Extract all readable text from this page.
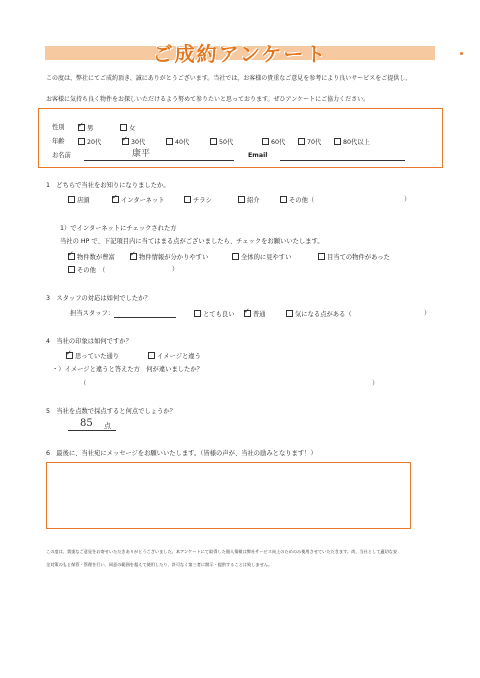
ご成約アンケート
この度は、弊社にてご成約頂き、誠にありがとうございます。当社では、お客様の貴重なご意見を参考により良いサービスをご提供し、
お客様に気持ち良く物件をお探しいただけるよう努めて参りたいと思っております。ぜひアンケートにご協力ください。
性別 ✓	男	女
年齢	20代 ✓	30代	40代	50代	60代	70代	80代以上
お名前	康平	Email
1　どちらで当社をお知りになりましたか。
店頭 ✓	インターネット	チラシ	紹介	その他（	）
1）でインターネットにチェックされた方
当社の HP で、下記項目内に当てはまる点がございましたら、チェックをお願いいたします。
✓物件数が豊富 ✓	物件情報が分かりやすい	全体的に見やすい	目当ての物件があった
その他　（	）
3　スタッフの対応は如何でしたか？
担当スタッフ：	とても良い ✓	普通	気になる点がある（	）
4　当社の印象は如何ですか？
✓思っていた通り	イメージと違う
・）イメージと違うと答えた方　何が違いましたか？
（	）
5　当社を点数で採点すると何点でしょうか？
85 点
6　最後に、当社宛にメッセージをお願いいたします。（皆様の声が、当社の励みとなります！）
この度は、貴重なご意見をお寄せいただきありがとうございました。本アンケートにて取得した個人情報は弊社サービス向上のためのみ使用させていただきます。尚、当社として適切な安
全対策のもと保管・管理を行い、同意の範囲を超えて使用したり、許可なく第三者に開示・提供することは致しません。
